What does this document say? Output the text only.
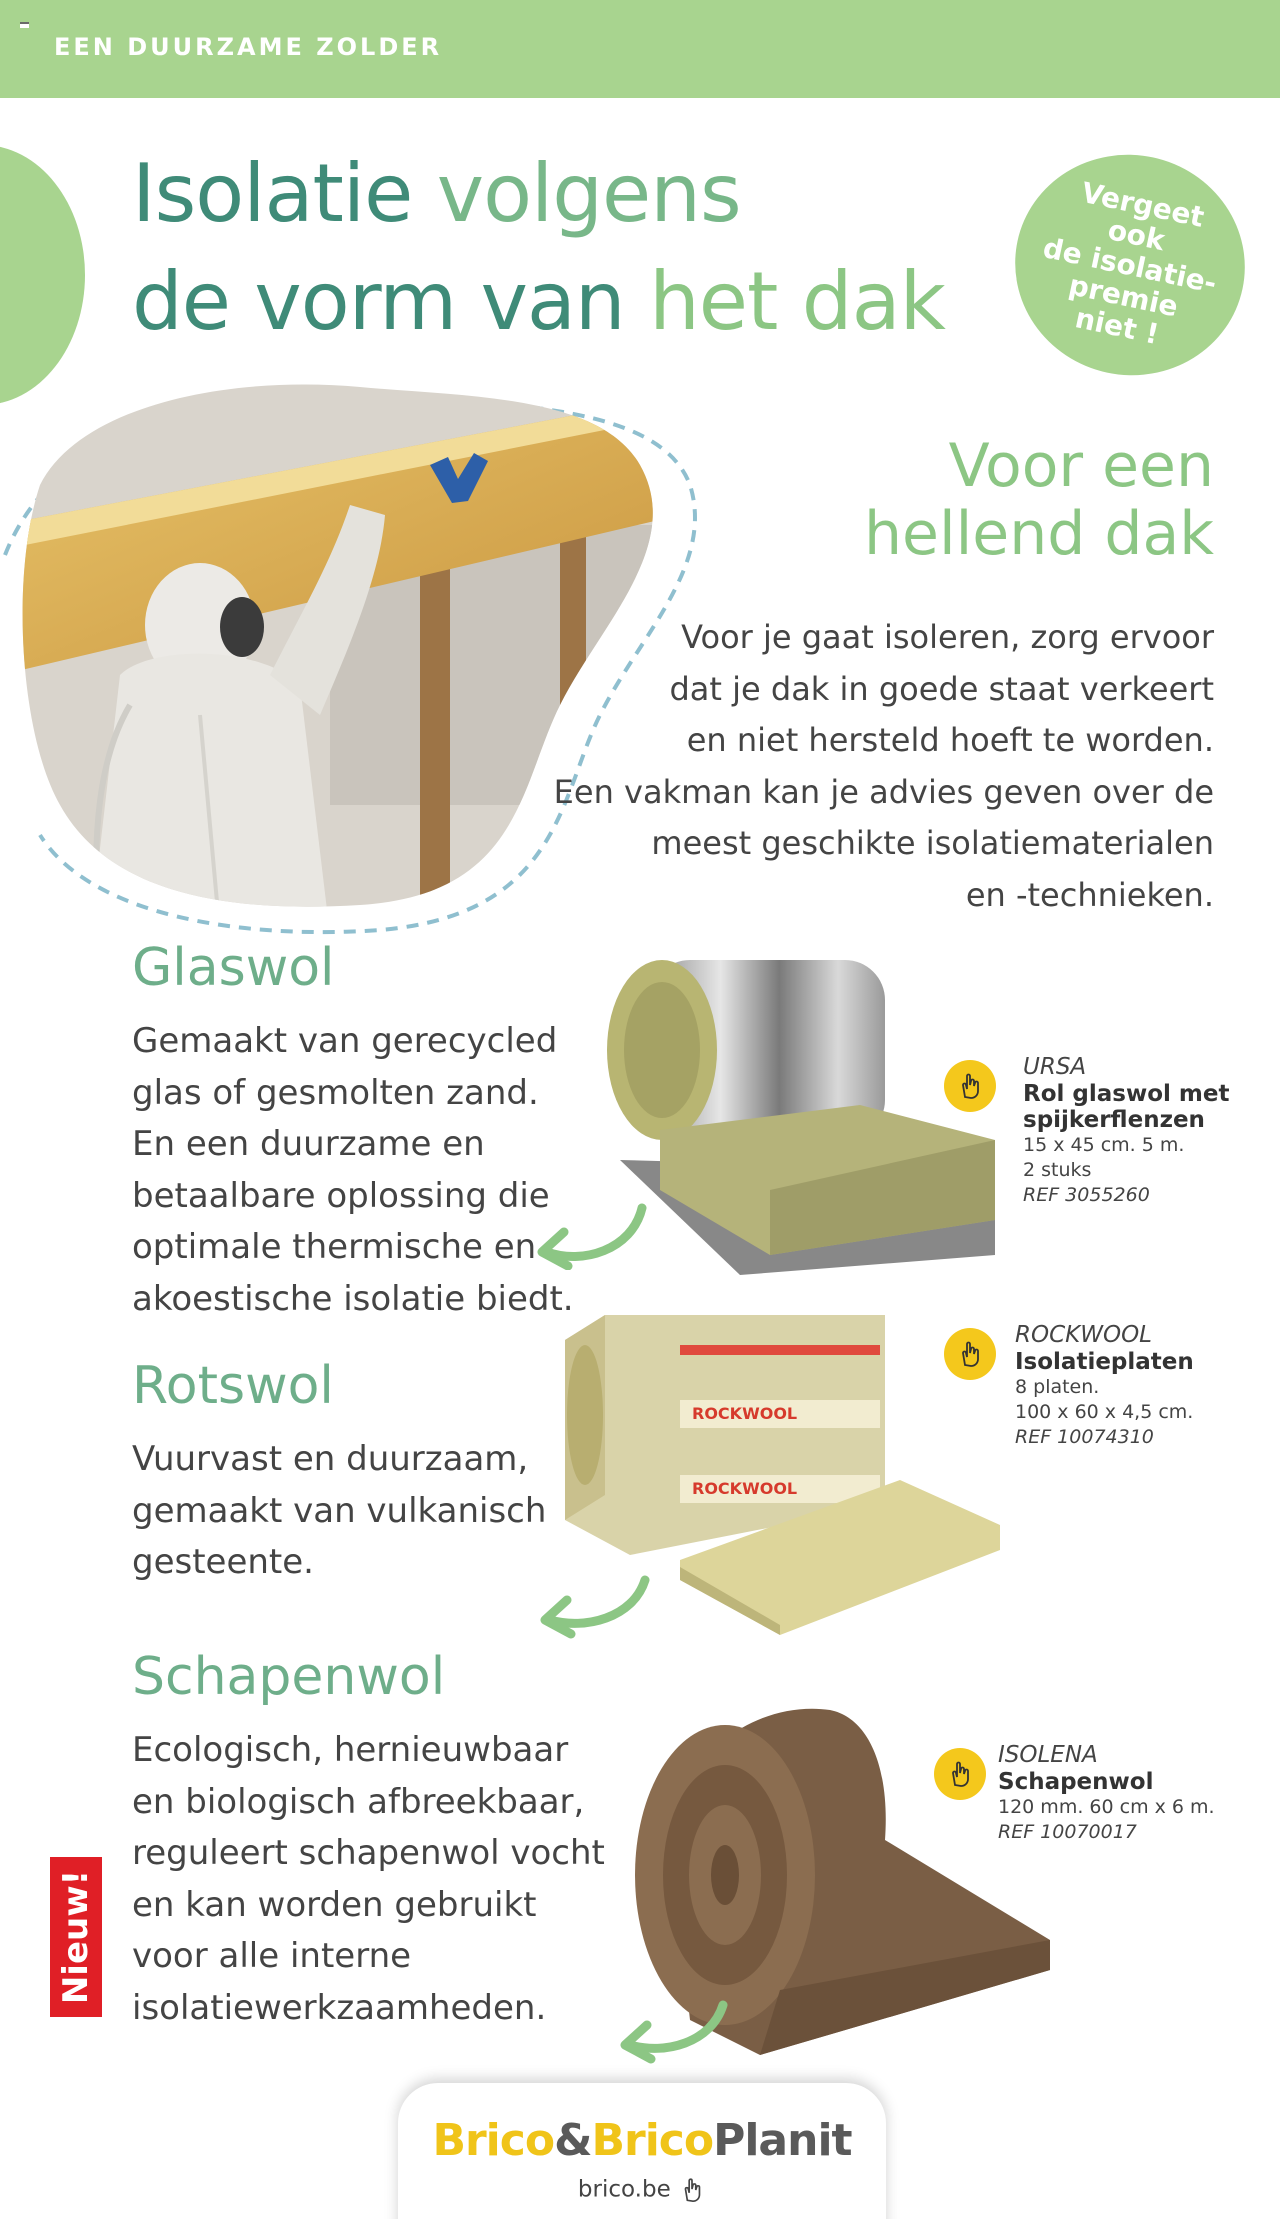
EEN DUURZAME ZOLDER
Isolatie volgens
de vorm van het dak
Vergeet
ook
de isolatie-
premie
niet !
Voor een
hellend dak
Voor je gaat isoleren, zorg ervoor
dat je dak in goede staat verkeert
en niet hersteld hoeft te worden.
Een vakman kan je advies geven over de
meest geschikte isolatiematerialen
en -technieken.
Glaswol
Gemaakt van gerecycled
glas of gesmolten zand.
En een duurzame en
betaalbare oplossing die
optimale thermische en
akoestische isolatie biedt.
URSA
Rol glaswol met
spijkerflenzen
15 x 45 cm. 5 m.
2 stuks
REF 3055260
Rotswol
Vuurvast en duurzaam,
gemaakt van vulkanisch
gesteente.
ROCKWOOL
ROCKWOOL
ROCKWOOL
Isolatieplaten
8 platen.
100 x 60 x 4,5 cm.
REF 10074310
Schapenwol
Ecologisch, hernieuwbaar
en biologisch afbreekbaar,
reguleert schapenwol vocht
en kan worden gebruikt
voor alle interne
isolatiewerkzaamheden.
ISOLENA
Schapenwol
120 mm. 60 cm x 6 m.
REF 10070017
Nieuw!
Brico&BricoPlanit
brico.be
